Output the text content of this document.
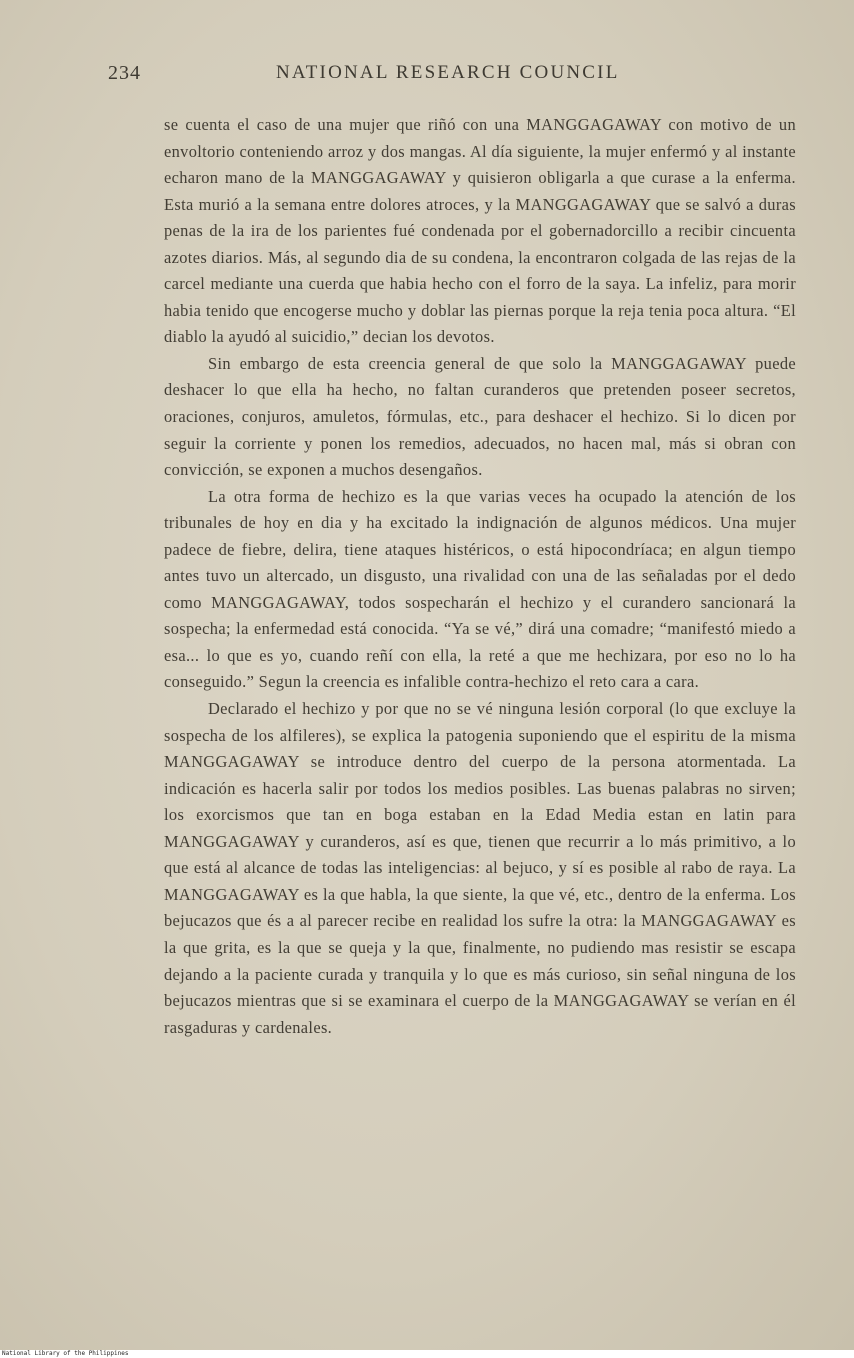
234	NATIONAL RESEARCH COUNCIL

se cuenta el caso de una mujer que riñó con una MANGGAGAWAY con motivo de un envoltorio conteniendo arroz y dos mangas. Al día siguiente, la mujer enfermó y al instante echaron mano de la MANGGAGAWAY y quisieron obligarla a que curase a la enferma. Esta murió a la semana entre dolores atroces, y la MANGGAGAWAY que se salvó a duras penas de la ira de los parientes fué condenada por el gobernadorcillo a recibir cincuenta azotes diarios. Más, al segundo dia de su condena, la encontraron colgada de las rejas de la carcel mediante una cuerda que habia hecho con el forro de la saya. La infeliz, para morir habia tenido que encogerse mucho y doblar las piernas porque la reja tenia poca altura. “El diablo la ayudó al suicidio,” decian los devotos.

Sin embargo de esta creencia general de que solo la MANGGAGAWAY puede deshacer lo que ella ha hecho, no faltan curanderos que pretenden poseer secretos, oraciones, conjuros, amuletos, fórmulas, etc., para deshacer el hechizo. Si lo dicen por seguir la corriente y ponen los remedios, adecuados, no hacen mal, más si obran con convicción, se exponen a muchos desengaños.

La otra forma de hechizo es la que varias veces ha ocupado la atención de los tribunales de hoy en dia y ha excitado la indignación de algunos médicos. Una mujer padece de fiebre, delira, tiene ataques histéricos, o está hipocondríaca; en algun tiempo antes tuvo un altercado, un disgusto, una rivalidad con una de las señaladas por el dedo como MANGGAGAWAY, todos sospecharán el hechizo y el curandero sancionará la sospecha; la enfermedad está conocida. “Ya se vé,” dirá una comadre; “manifestó miedo a esa... lo que es yo, cuando reñí con ella, la reté a que me hechizara, por eso no lo ha conseguido.” Segun la creencia es infalible contra-hechizo el reto cara a cara.

Declarado el hechizo y por que no se vé ninguna lesión corporal (lo que excluye la sospecha de los alfileres), se explica la patogenia suponiendo que el espiritu de la misma MANGGAGAWAY se introduce dentro del cuerpo de la persona atormentada. La indicación es hacerla salir por todos los medios posibles. Las buenas palabras no sirven; los exorcismos que tan en boga estaban en la Edad Media estan en latin para MANGGAGAWAY y curanderos, así es que, tienen que recurrir a lo más primitivo, a lo que está al alcance de todas las inteligencias: al bejuco, y sí es posible al rabo de raya. La MANGGAGAWAY es la que habla, la que siente, la que vé, etc., dentro de la enferma. Los bejucazos que és a al parecer recibe en realidad los sufre la otra: la MANGGAGAWAY es la que grita, es la que se queja y la que, finalmente, no pudiendo mas resistir se escapa dejando a la paciente curada y tranquila y lo que es más curioso, sin señal ninguna de los bejucazos mientras que si se examinara el cuerpo de la MANGGAGAWAY se verían en él rasgaduras y cardenales.

National Library of the Philippines
